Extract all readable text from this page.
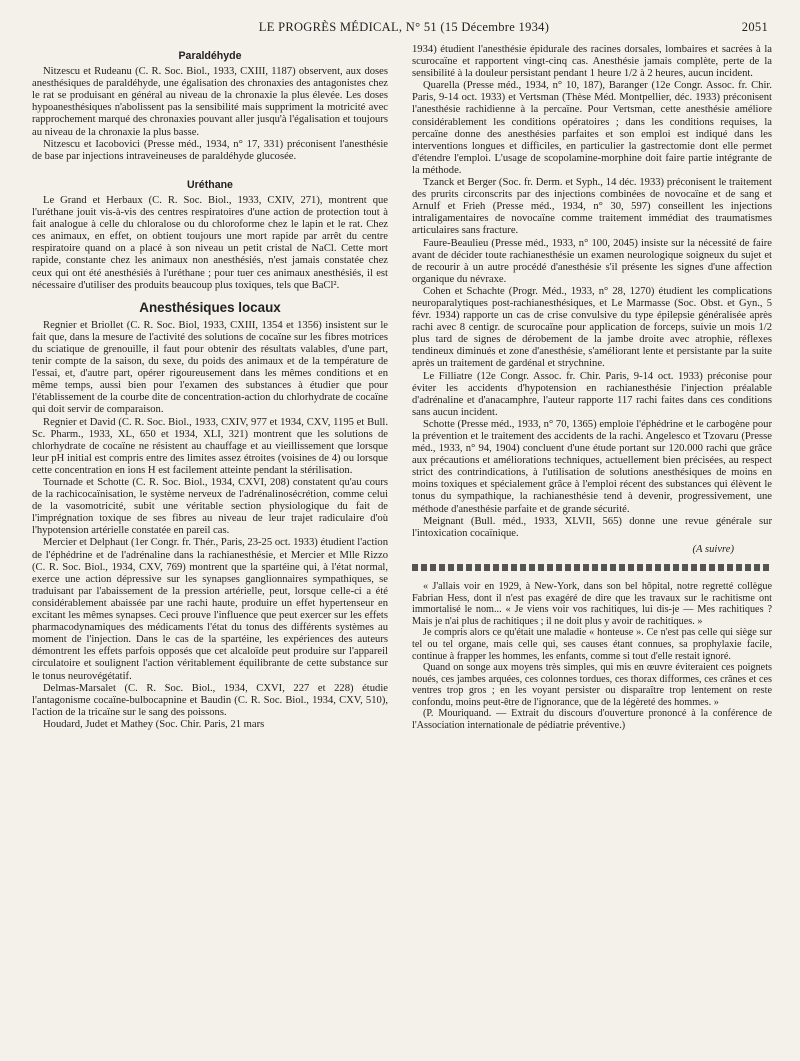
LE PROGRÈS MÉDICAL, N° 51 (15 Décembre 1934)	2051
Paraldéhyde

Nitzescu et Rudeanu (C. R. Soc. Biol., 1933, CXIII, 1187) observent, aux doses anesthésiques de paraldéhyde, une égalisation des chronaxies des antagonistes chez le rat se produisant en général au niveau de la chronaxie la plus élevée. Les doses hypoanesthésiques n'abolissent pas la sensibilité mais suppriment la motricité avec rapprochement marqué des chronaxies pouvant aller jusqu'à l'égalisation et toujours au niveau de la chronaxie la plus basse.

Nitzescu et Iacobovici (Presse méd., 1934, n° 17, 331) préconisent l'anesthésie de base par injections intraveineuses de paraldéhyde glucosée.

Uréthane

Le Grand et Herbaux (C. R. Soc. Biol., 1933, CXIV, 271), montrent que l'uréthane jouit vis-à-vis des centres respiratoires d'une action de protection tout à fait analogue à celle du chloralose ou du chloroforme chez le lapin et le rat. Chez ces animaux, en effet, on obtient toujours une mort rapide par arrêt du centre respiratoire quand on a placé à son niveau un petit cristal de NaCl. Cette mort rapide, constante chez les animaux non anesthésiés, n'est jamais constatée chez ceux qui ont été anesthésiés à l'uréthane ; pour tuer ces animaux anesthésiés, il est nécessaire d'utiliser des produits beaucoup plus toxiques, tels que BaCl².

Anesthésiques locaux

Regnier et Briollet (C. R. Soc. Biol, 1933, CXIII, 1354 et 1356) insistent sur le fait que, dans la mesure de l'activité des solutions de cocaïne sur les fibres motrices du sciatique de grenouille, il faut pour obtenir des résultats valables, d'une part, tenir compte de la saison, du sexe, du poids des animaux et de la température de l'essai, et, d'autre part, opérer rigoureusement dans les mêmes conditions et en même temps, aussi bien pour l'examen des substances à étudier que pour l'établissement de la courbe dite de concentration-action du chlorhydrate de cocaïne qui doit servir de comparaison.

Regnier et David (C. R. Soc. Biol., 1933, CXIV, 977 et 1934, CXV, 1195 et Bull. Sc. Pharm., 1933, XL, 650 et 1934, XLI, 321) montrent que les solutions de chlorhydrate de cocaïne ne résistent au chauffage et au vieillissement que lorsque leur pH initial est compris entre des limites assez étroites (voisines de 4) ou lorsque cette concentration en ions H est facilement atteinte pendant la stérilisation.

Tournade et Schotte (C. R. Soc. Biol., 1934, CXVI, 208) constatent qu'au cours de la rachicocaïnisation, le système nerveux de l'adrénalinosécrétion, comme celui de la vasomotricité, subit une véritable section physiologique du fait de l'imprégnation toxique de ses fibres au niveau de leur trajet radiculaire d'où l'hypotension artérielle constatée en pareil cas.

Mercier et Delphaut (1er Congr. fr. Thér., Paris, 23-25 oct. 1933) étudient l'action de l'éphédrine et de l'adrénaline dans la rachianesthésie, et Mercier et Mlle Rizzo (C. R. Soc. Biol., 1934, CXV, 769) montrent que la spartéine qui, à l'état normal, exerce une action dépressive sur les synapses ganglionnaires sympathiques, se traduisant par l'abaissement de la pression artérielle, peut, lorsque celle-ci a été considérablement abaissée par une rachi haute, produire un effet hypertenseur en excitant les mêmes synapses. Ceci prouve l'influence que peut exercer sur les effets pharmacodynamiques des médicaments l'état du tonus des différents systèmes au moment de l'injection. Dans le cas de la spartéine, les expériences des auteurs démontrent les effets parfois opposés que cet alcaloïde peut produire sur l'appareil circulatoire et soulignent l'action véritablement équilibrante de cette substance sur le tonus neurovégétatif.

Delmas-Marsalet (C. R. Soc. Biol., 1934, CXVI, 227 et 228) étudie l'antagonisme cocaïne-bulbocapnine et Baudin (C. R. Soc. Biol., 1934, CXV, 510), l'action de la tricaïne sur le sang des poissons.

Houdard, Judet et Mathey (Soc. Chir. Paris, 21 mars

1934) étudient l'anesthésie épidurale des racines dorsales, lombaires et sacrées à la scurocaïne et rapportent vingt-cinq cas. Anesthésie jamais complète, perte de la sensibilité à la douleur persistant pendant 1 heure 1/2 à 2 heures, aucun incident.

Quarella (Presse méd., 1934, n° 10, 187), Baranger (12e Congr. Assoc. fr. Chir. Paris, 9-14 oct. 1933) et Vertsman (Thèse Méd. Montpellier, déc. 1933) préconisent l'anesthésie rachidienne à la percaïne. Pour Vertsman, cette anesthésie améliore considérablement les conditions opératoires ; dans les conditions requises, la percaïne donne des anesthésies parfaites et son emploi est indiqué dans les interventions longues et difficiles, en particulier la gastrectomie dont elle permet d'étendre l'emploi. L'usage de scopolamine-morphine doit faire partie intégrante de la méthode.

Tzanck et Berger (Soc. fr. Derm. et Syph., 14 déc. 1933) préconisent le traitement des prurits circonscrits par des injections combinées de novocaïne et de sang et Arnulf et Frieh (Presse méd., 1934, n° 30, 597) conseillent les injections intraligamentaires de novocaïne comme traitement immédiat des traumatismes articulaires sans fracture.

Faure-Beaulieu (Presse méd., 1933, n° 100, 2045) insiste sur la nécessité de faire avant de décider toute rachianesthésie un examen neurologique soigneux du sujet et de recourir à un autre procédé d'anesthésie s'il présente les signes d'une affection organique du névraxe.

Cohen et Schachte (Progr. Méd., 1933, n° 28, 1270) étudient les complications neuroparalytiques post-rachianesthésiques, et Le Marmasse (Soc. Obst. et Gyn., 5 févr. 1934) rapporte un cas de crise convulsive du type épilepsie généralisée après rachi avec 8 centigr. de scurocaïne pour application de forceps, suivie un mois 1/2 plus tard de signes de dérobement de la jambe droite avec atrophie, réflexes tendineux diminués et zone d'anesthésie, s'améliorant lente et persistante par la suite après un traitement de gardénal et strychnine.

Le Filliatre (12e Congr. Assoc. fr. Chir. Paris, 9-14 oct. 1933) préconise pour éviter les accidents d'hypotension en rachianesthésie l'injection préalable d'adrénaline et d'anacamphre, l'auteur rapporte 117 rachi faites dans ces conditions sans aucun incident.

Schotte (Presse méd., 1933, n° 70, 1365) emploie l'éphédrine et le carbogène pour la prévention et le traitement des accidents de la rachi. Angelesco et Tzovaru (Presse méd., 1933, n° 94, 1904) concluent d'une étude portant sur 120.000 rachi que grâce aux précautions et améliorations techniques, actuellement bien précisées, au respect strict des contrindications, à l'utilisation de solutions anesthésiques de moins en moins toxiques et spécialement grâce à l'emploi récent des substances qui élèvent le tonus du sympathique, la rachianesthésie tend à devenir, progressivement, une méthode d'anesthésie parfaite et de grande sécurité.

Meignant (Bull. méd., 1933, XLVII, 565) donne une revue générale sur l'intoxication cocaïnique.

(A suivre)

« J'allais voir en 1929, à New-York, dans son bel hôpital, notre regretté collègue Fabrian Hess, dont il n'est pas exagéré de dire que les travaux sur le rachitisme ont immortalisé le nom... « Je viens voir vos rachitiques, lui dis-je — Mes rachitiques ? Mais je n'ai plus de rachitiques ; il ne doit plus y avoir de rachitiques. »

Je compris alors ce qu'était une maladie « honteuse ». Ce n'est pas celle qui siège sur tel ou tel organe, mais celle qui, ses causes étant connues, sa prophylaxie facile, continue à frapper les hommes, les enfants, comme si tout d'elle restait ignoré.

Quand on songe aux moyens très simples, qui mis en œuvre éviteraient ces poignets noués, ces jambes arquées, ces colonnes tordues, ces thorax difformes, ces crânes et ces ventres trop gros ; en les voyant persister ou disparaître trop lentement on reste confondu, moins peut-être de l'ignorance, que de la légèreté des hommes. »

(P. Mouriquand. — Extrait du discours d'ouverture prononcé à la conférence de l'Association internationale de pédiatrie préventive.)
